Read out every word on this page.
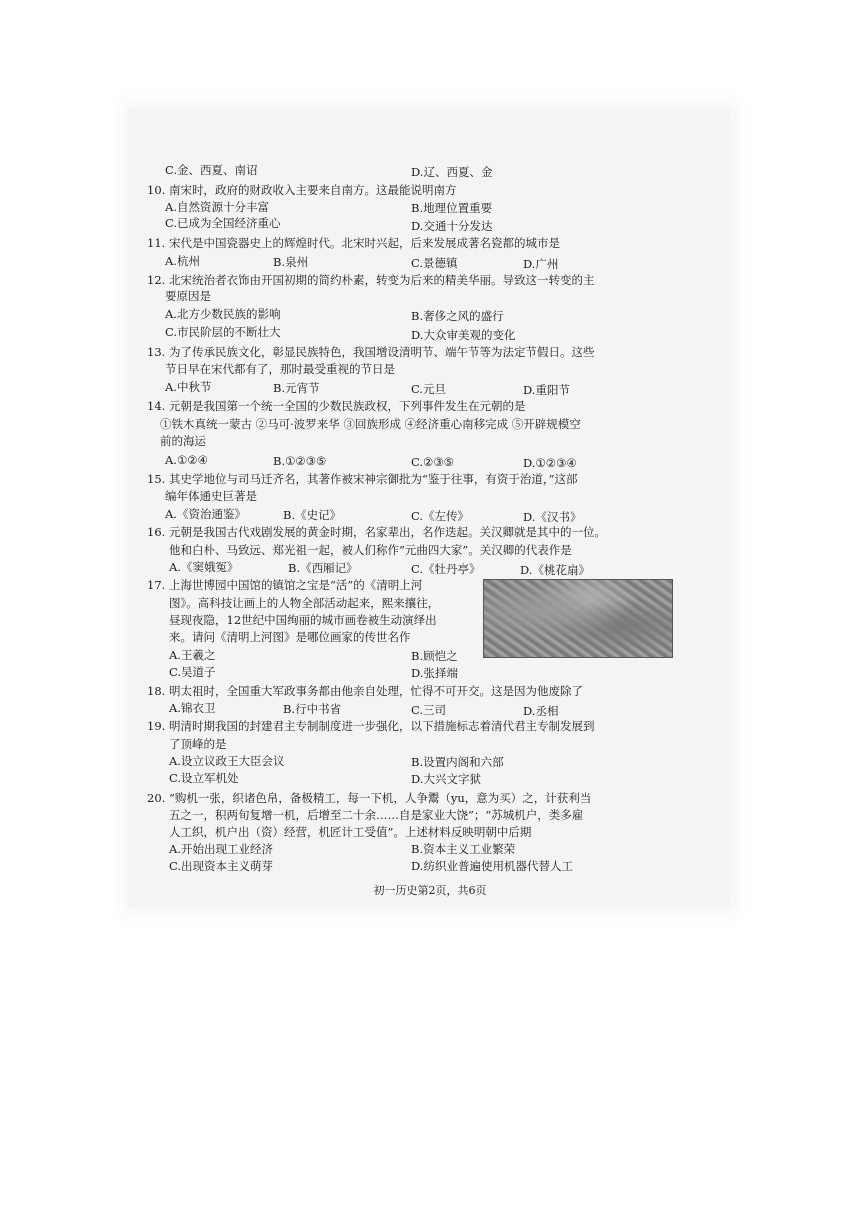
C.金、西夏、南诏	D.辽、西夏、金
10. 南宋时，政府的财政收入主要来自南方。这最能说明南方
A.自然资源十分丰富	B.地理位置重要
C.已成为全国经济重心	D.交通十分发达
11. 宋代是中国瓷器史上的辉煌时代。北宋时兴起，后来发展成著名瓷都的城市是
A.杭州	B.泉州	C.景德镇	D.广州
12. 北宋统治者衣饰由开国初期的简约朴素，转变为后来的精美华丽。导致这一转变的主
要原因是
A.北方少数民族的影响	B.奢侈之风的盛行
C.市民阶层的不断壮大	D.大众审美观的变化
13. 为了传承民族文化，彰显民族特色，我国增设清明节、端午节等为法定节假日。这些
节日早在宋代都有了，那时最受重视的节日是
A.中秋节	B.元宵节	C.元旦	D.重阳节
14. 元朝是我国第一个统一全国的少数民族政权，下列事件发生在元朝的是
①铁木真统一蒙古 ②马可·波罗来华 ③回族形成 ④经济重心南移完成 ⑤开辟规模空
前的海运
A.①②④	B.①②③⑤	C.②③⑤	D.①②③④
15. 其史学地位与司马迁齐名，其著作被宋神宗御批为“鉴于往事，有资于治道，”这部
编年体通史巨著是
A.《资治通鉴》	B.《史记》	C.《左传》	D.《汉书》
16. 元朝是我国古代戏剧发展的黄金时期，名家辈出，名作迭起。关汉卿就是其中的一位。
他和白朴、马致远、郑光祖一起，被人们称作“元曲四大家”。关汉卿的代表作是
A.《窦娥冤》	B.《西厢记》	C.《牡丹亭》	D.《桃花扇》
17. 上海世博园中国馆的镇馆之宝是“活”的《清明上河
图》。高科技让画上的人物全部活动起来，熙来攘往，
昼现夜隐，12世纪中国绚丽的城市画卷被生动演绎出
来。请问《清明上河图》是哪位画家的传世名作
A.王羲之	B.顾恺之
C.吴道子	D.张择端
18. 明太祖时，全国重大军政事务都由他亲自处理，忙得不可开交。这是因为他废除了
A.锦衣卫	B.行中书省	C.三司	D.丞相
19. 明清时期我国的封建君主专制制度进一步强化，以下措施标志着清代君主专制发展到
了顶峰的是
A.设立议政王大臣会议	B.设置内阁和六部
C.设立军机处	D.大兴文字狱
20. “购机一张，织诸色帛，备极精工，每一下机，人争鬻（yu，意为买）之，计获利当
五之一，积两旬复增一机，后增至二十余……自是家业大饶”；“苏城机户，类多雇
人工织，机户出（资）经营，机匠计工受值”。上述材料反映明朝中后期
A.开始出现工业经济	B.资本主义工业繁荣
C.出现资本主义萌芽	D.纺织业普遍使用机器代替人工
初一历史第2页，共6页
